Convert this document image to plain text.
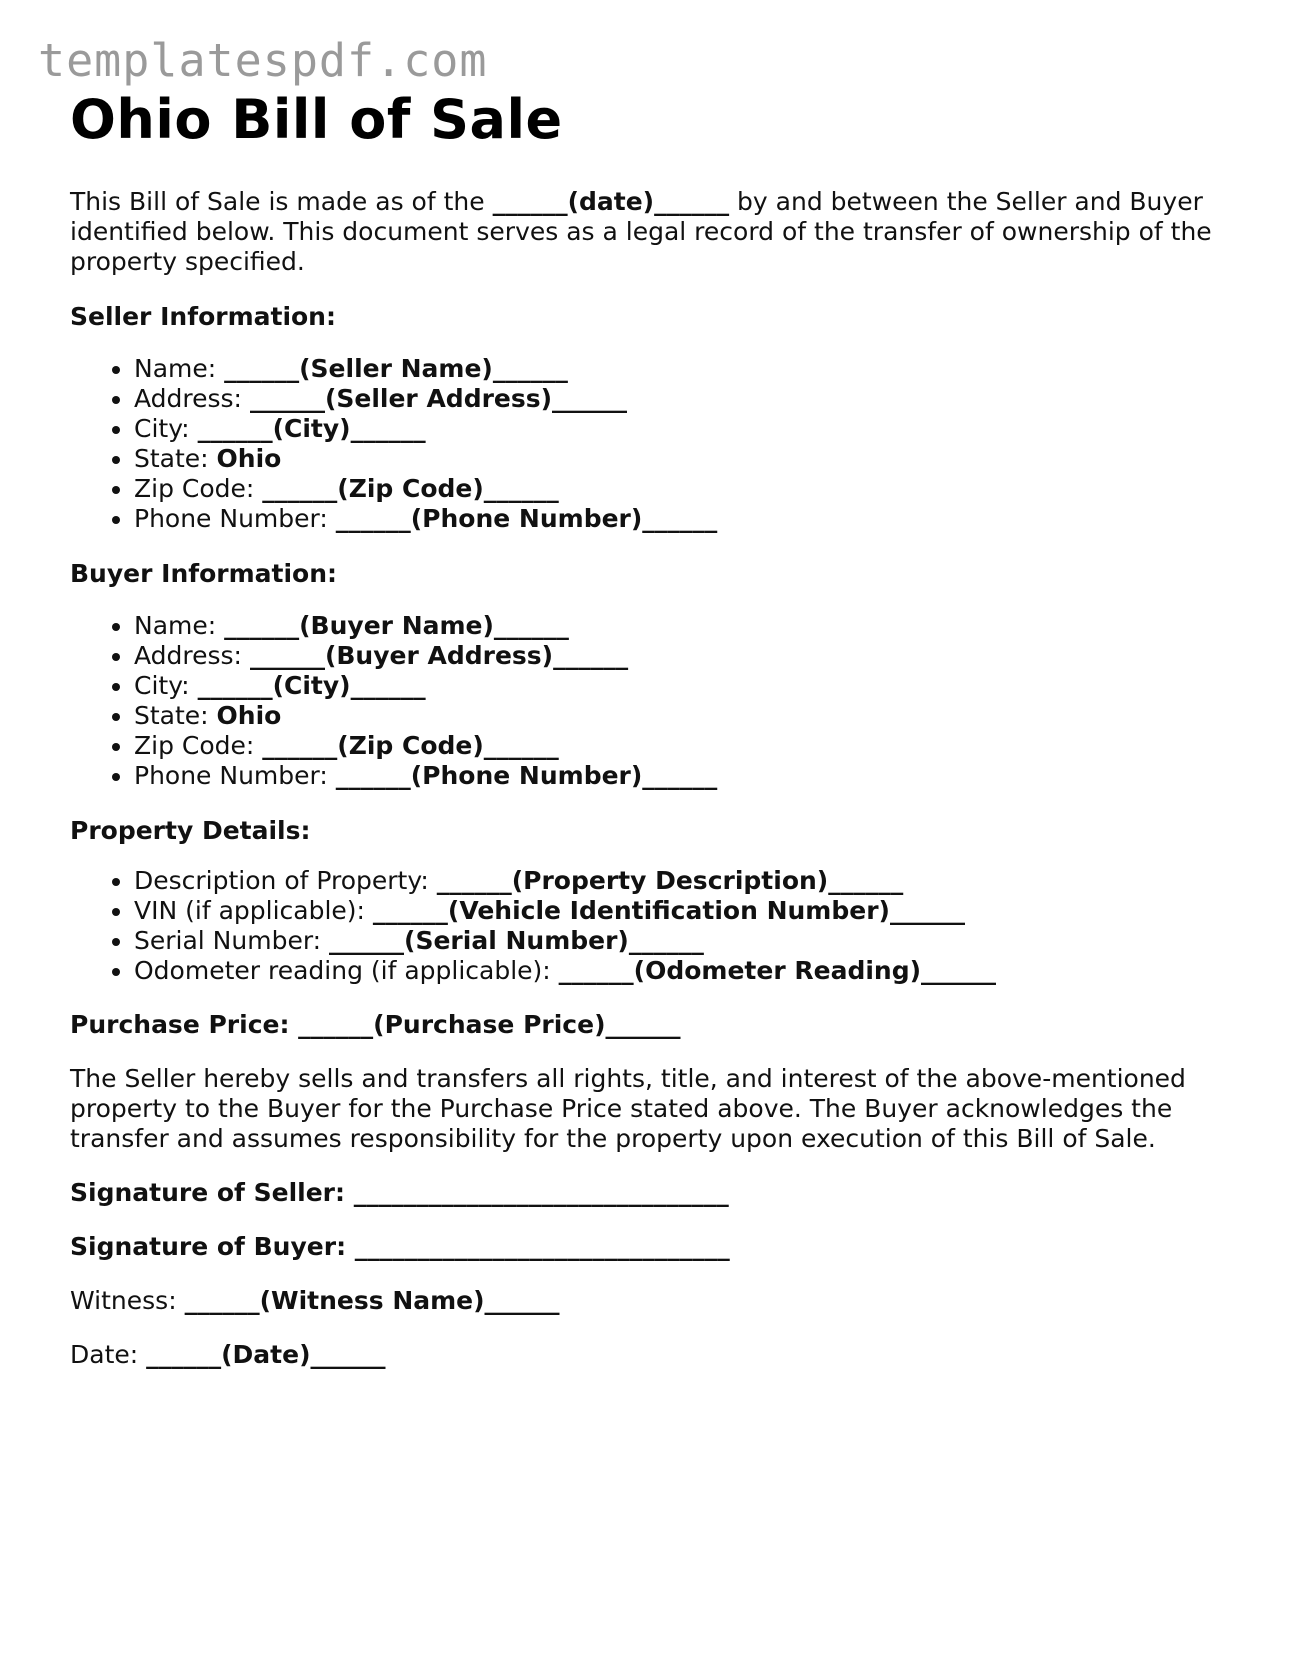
templatespdf.com
Ohio Bill of Sale

This Bill of Sale is made as of the ______(date)______ by and between the Seller and Buyer identified below. This document serves as a legal record of the transfer of ownership of the property specified.

Seller Information:

• Name: ______(Seller Name)______
• Address: ______(Seller Address)______
• City: ______(City)______
• State: Ohio
• Zip Code: ______(Zip Code)______
• Phone Number: ______(Phone Number)______

Buyer Information:

• Name: ______(Buyer Name)______
• Address: ______(Buyer Address)______
• City: ______(City)______
• State: Ohio
• Zip Code: ______(Zip Code)______
• Phone Number: ______(Phone Number)______

Property Details:

• Description of Property: ______(Property Description)______
• VIN (if applicable): ______(Vehicle Identification Number)______
• Serial Number: ______(Serial Number)______
• Odometer reading (if applicable): ______(Odometer Reading)______

Purchase Price: ______(Purchase Price)______

The Seller hereby sells and transfers all rights, title, and interest of the above-mentioned property to the Buyer for the Purchase Price stated above. The Buyer acknowledges the transfer and assumes responsibility for the property upon execution of this Bill of Sale.

Signature of Seller: ______________________________

Signature of Buyer: ______________________________

Witness: ______(Witness Name)______

Date: ______(Date)______
